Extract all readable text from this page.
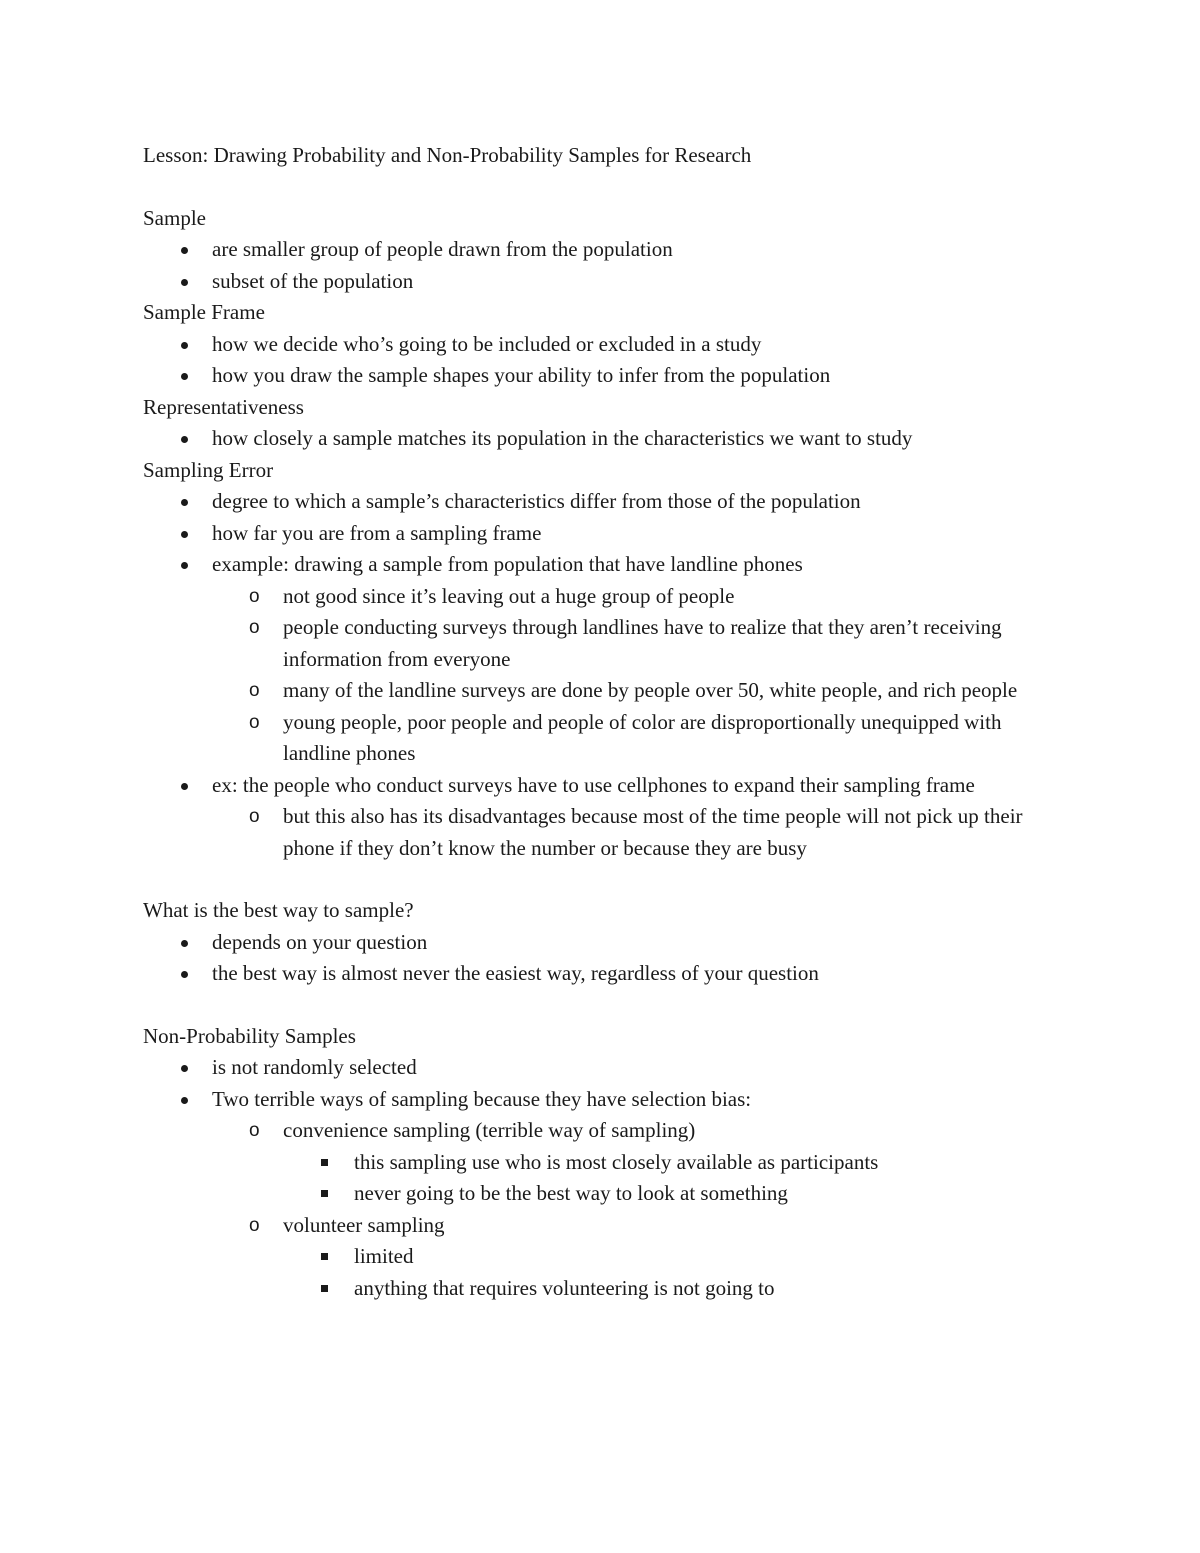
Lesson: Drawing Probability and Non-Probability Samples for Research
Sample
are smaller group of people drawn from the population
subset of the population
Sample Frame
how we decide who’s going to be included or excluded in a study
how you draw the sample shapes your ability to infer from the population
Representativeness
how closely a sample matches its population in the characteristics we want to study
Sampling Error
degree to which a sample’s characteristics differ from those of the population
how far you are from a sampling frame
example: drawing a sample from population that have landline phones
o not good since it’s leaving out a huge group of people
o people conducting surveys through landlines have to realize that they aren’t receiving information from everyone
o many of the landline surveys are done by people over 50, white people, and rich people
o young people, poor people and people of color are disproportionally unequipped with landline phones
ex: the people who conduct surveys have to use cellphones to expand their sampling frame
o but this also has its disadvantages because most of the time people will not pick up their phone if they don’t know the number or because they are busy
What is the best way to sample?
depends on your question
the best way is almost never the easiest way, regardless of your question
Non-Probability Samples
is not randomly selected
Two terrible ways of sampling because they have selection bias:
o convenience sampling (terrible way of sampling)
this sampling use who is most closely available as participants
never going to be the best way to look at something
o volunteer sampling
limited
anything that requires volunteering is not going to
